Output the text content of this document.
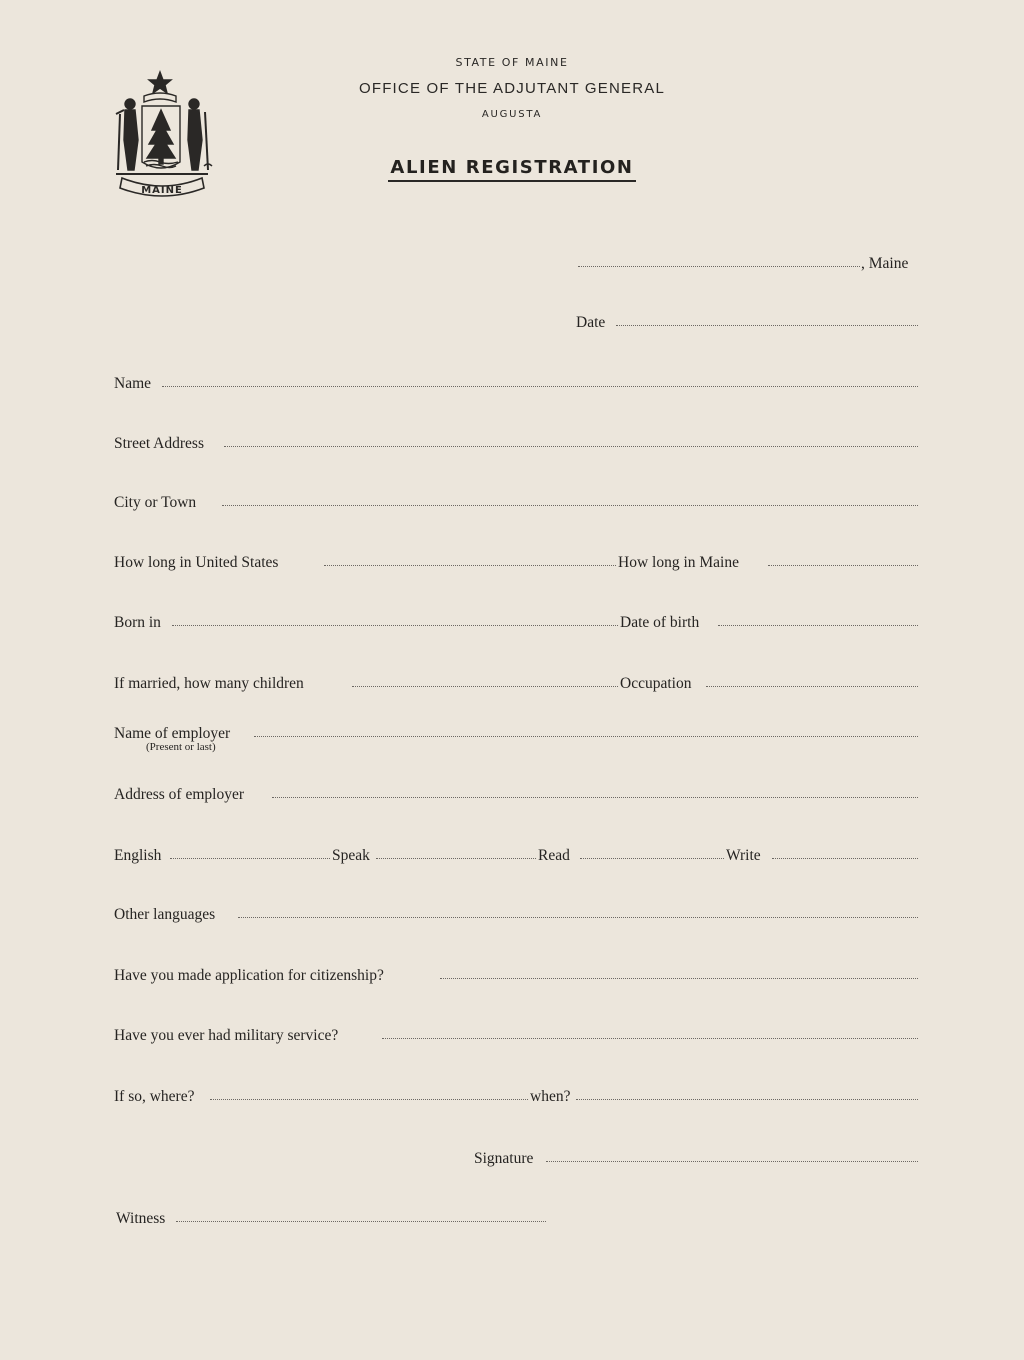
MAINE
STATE OF MAINE
OFFICE OF THE ADJUTANT GENERAL
AUGUSTA
ALIEN REGISTRATION
, Maine
Date
Name
Street Address
City or Town
How long in United States	How long in Maine
Born in	Date of birth
If married, how many children	Occupation
Name of employer
(Present or last)
Address of employer
English	Speak	Read	Write
Other languages
Have you made application for citizenship?
Have you ever had military service?
If so, where?	when?
Signature
Witness
